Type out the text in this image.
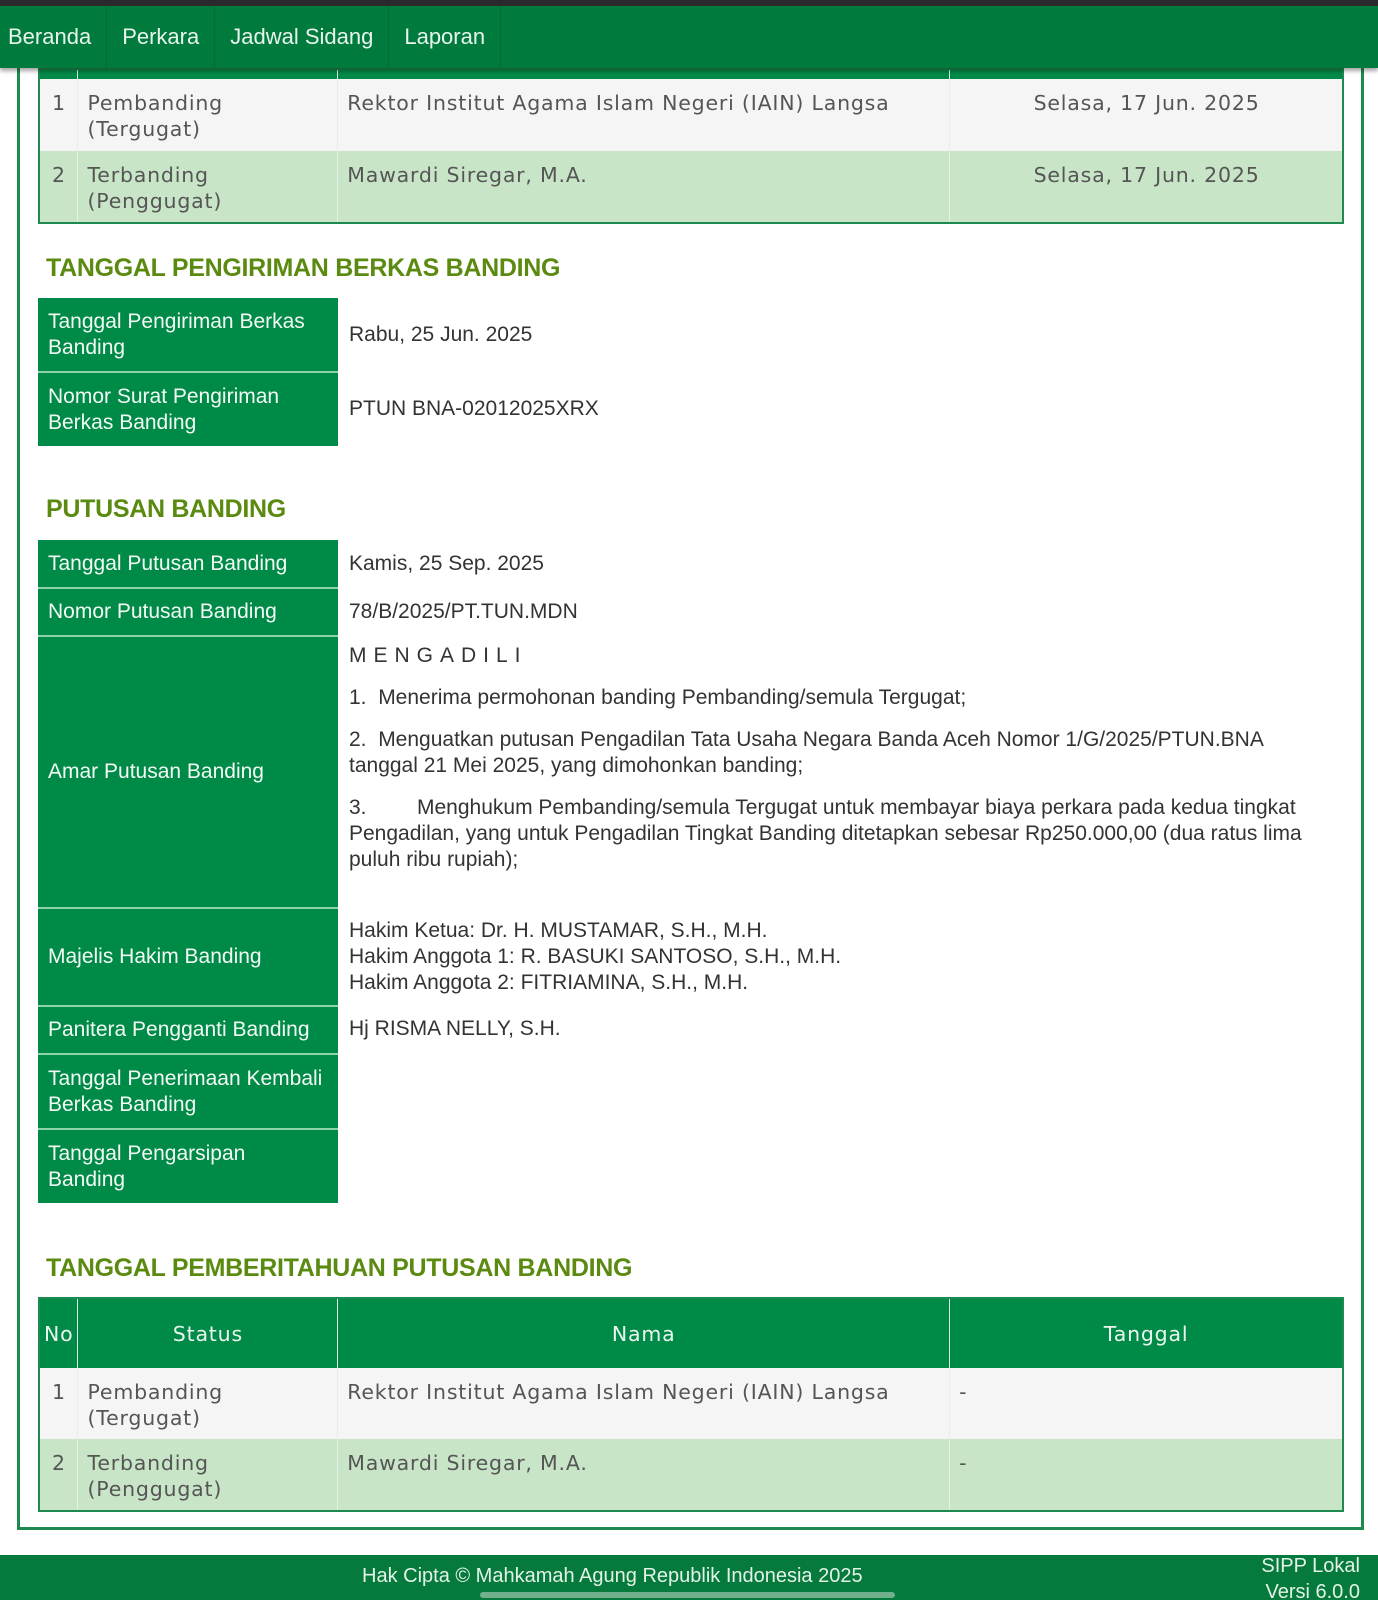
Beranda	Perkara	Jadwal Sidang	Laporan

1	Pembanding (Tergugat)	Rektor Institut Agama Islam Negeri (IAIN) Langsa	Selasa, 17 Jun. 2025
2	Terbanding (Penggugat)	Mawardi Siregar, M.A.	Selasa, 17 Jun. 2025
TANGGAL PENGIRIMAN BERKAS BANDING
Tanggal Pengiriman Berkas Banding	Rabu, 25 Jun. 2025
Nomor Surat Pengiriman Berkas Banding	PTUN BNA-02012025XRX
PUTUSAN BANDING
Tanggal Putusan Banding	Kamis, 25 Sep. 2025
Nomor Putusan Banding	78/B/2025/PT.TUN.MDN
Amar Putusan Banding	MENGADILI
1. Menerima permohonan banding Pembanding/semula Tergugat;
2. Menguatkan putusan Pengadilan Tata Usaha Negara Banda Aceh Nomor 1/G/2025/PTUN.BNA tanggal 21 Mei 2025, yang dimohonkan banding;
3. Menghukum Pembanding/semula Tergugat untuk membayar biaya perkara pada kedua tingkat Pengadilan, yang untuk Pengadilan Tingkat Banding ditetapkan sebesar Rp250.000,00 (dua ratus lima puluh ribu rupiah);

Majelis Hakim Banding	Hakim Ketua: Dr. H. MUSTAMAR, S.H., M.H.
Hakim Anggota 1: R. BASUKI SANTOSO, S.H., M.H.
Hakim Anggota 2: FITRIAMINA, S.H., M.H.

Panitera Pengganti Banding	Hj RISMA NELLY, S.H.
Tanggal Penerimaan Kembali Berkas Banding	
Tanggal Pengarsipan Banding	
TANGGAL PEMBERITAHUAN PUTUSAN BANDING
No	Status	Nama	Tanggal
1	Pembanding (Tergugat)	Rektor Institut Agama Islam Negeri (IAIN) Langsa	-
2	Terbanding (Penggugat)	Mawardi Siregar, M.A.	-
Hak Cipta © Mahkamah Agung Republik Indonesia 2025	SIPP Lokal
Versi 6.0.0
